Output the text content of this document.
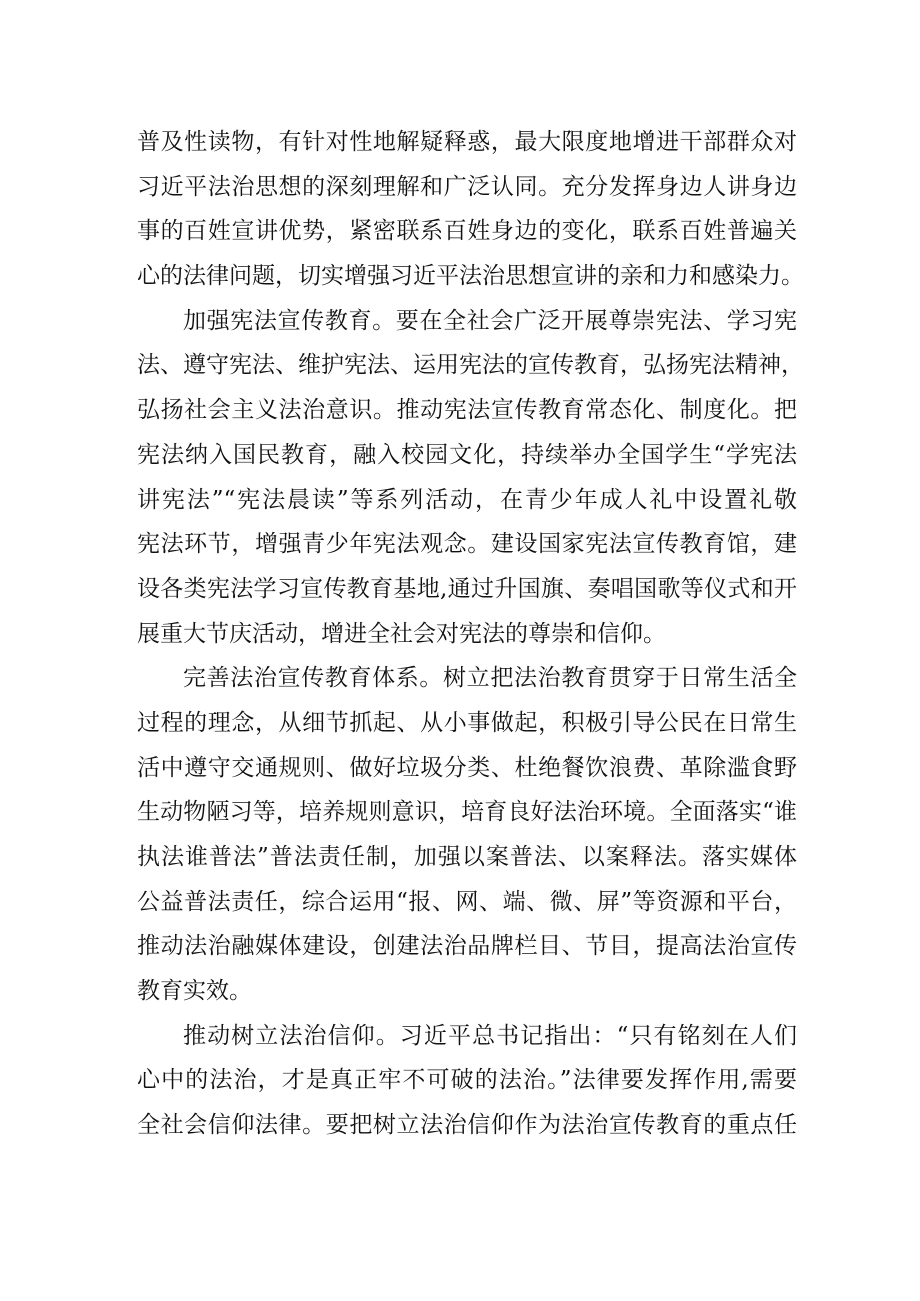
普及性读物，有针对性地解疑释惑，最大限度地增进干部群众对
习近平法治思想的深刻理解和广泛认同。充分发挥身边人讲身边
事的百姓宣讲优势，紧密联系百姓身边的变化，联系百姓普遍关
心的法律问题，切实增强习近平法治思想宣讲的亲和力和感染力。
加强宪法宣传教育。要在全社会广泛开展尊崇宪法、学习宪
法、遵守宪法、维护宪法、运用宪法的宣传教育，弘扬宪法精神，
弘扬社会主义法治意识。推动宪法宣传教育常态化、制度化。把
宪法纳入国民教育，融入校园文化，持续举办全国学生“学宪法
讲宪法”“宪法晨读”等系列活动，在青少年成人礼中设置礼敬
宪法环节，增强青少年宪法观念。建设国家宪法宣传教育馆，建
设各类宪法学习宣传教育基地,通过升国旗、奏唱国歌等仪式和开
展重大节庆活动，增进全社会对宪法的尊崇和信仰。
完善法治宣传教育体系。树立把法治教育贯穿于日常生活全
过程的理念，从细节抓起、从小事做起，积极引导公民在日常生
活中遵守交通规则、做好垃圾分类、杜绝餐饮浪费、革除滥食野
生动物陋习等，培养规则意识，培育良好法治环境。全面落实“谁
执法谁普法”普法责任制，加强以案普法、以案释法。落实媒体
公益普法责任，综合运用“报、网、端、微、屏”等资源和平台，
推动法治融媒体建设，创建法治品牌栏目、节目，提高法治宣传
教育实效。
推动树立法治信仰。习近平总书记指出：“只有铭刻在人们
心中的法治，才是真正牢不可破的法治。”法律要发挥作用,需要
全社会信仰法律。要把树立法治信仰作为法治宣传教育的重点任
